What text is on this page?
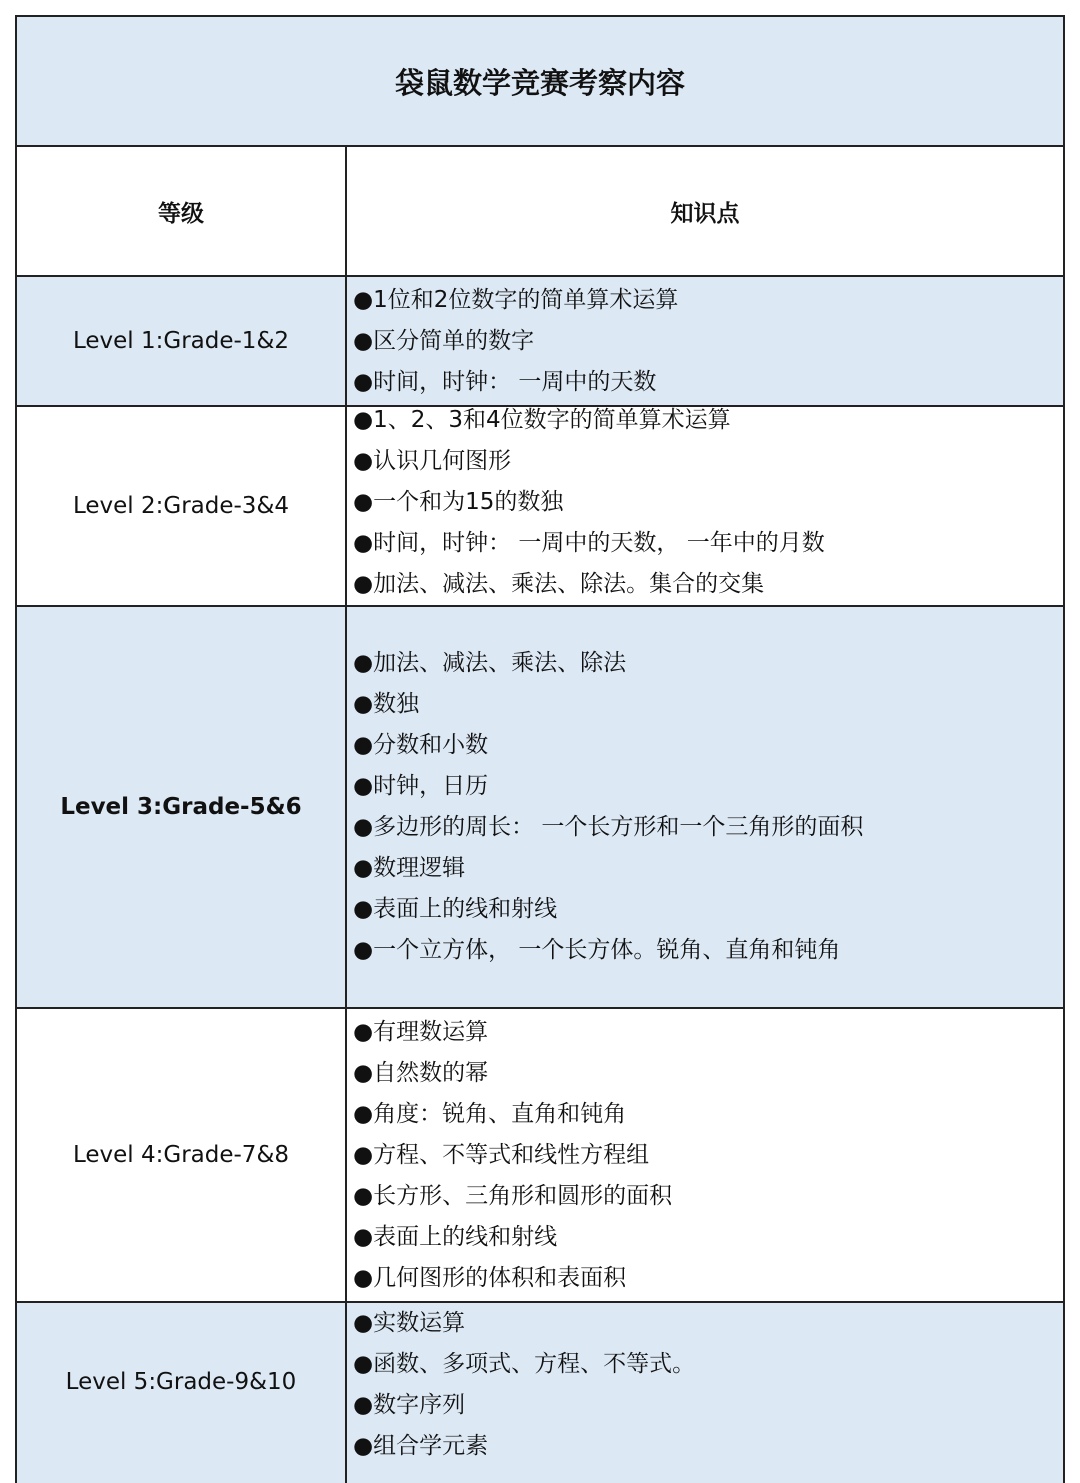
袋鼠数学竞赛考察内容
等级	知识点
Level 1:Grade-1&2
●1位和2位数字的简单算术运算
●区分简单的数字
●时间，时钟： 一周中的天数
Level 2:Grade-3&4
●1、2、3和4位数字的简单算术运算
●认识几何图形
●一个和为15的数独
●时间，时钟： 一周中的天数， 一年中的月数
●加法、减法、乘法、除法。集合的交集
Level 3:Grade-5&6
●加法、减法、乘法、除法
●数独
●分数和小数
●时钟，日历
●多边形的周长： 一个长方形和一个三角形的面积
●数理逻辑
●表面上的线和射线
●一个立方体， 一个长方体。锐角、直角和钝角
Level 4:Grade-7&8
●有理数运算
●自然数的幂
●角度：锐角、直角和钝角
●方程、不等式和线性方程组
●长方形、三角形和圆形的面积
●表面上的线和射线
●几何图形的体积和表面积
Level 5:Grade-9&10
●实数运算
●函数、多项式、方程、不等式。
●数字序列
●组合学元素
